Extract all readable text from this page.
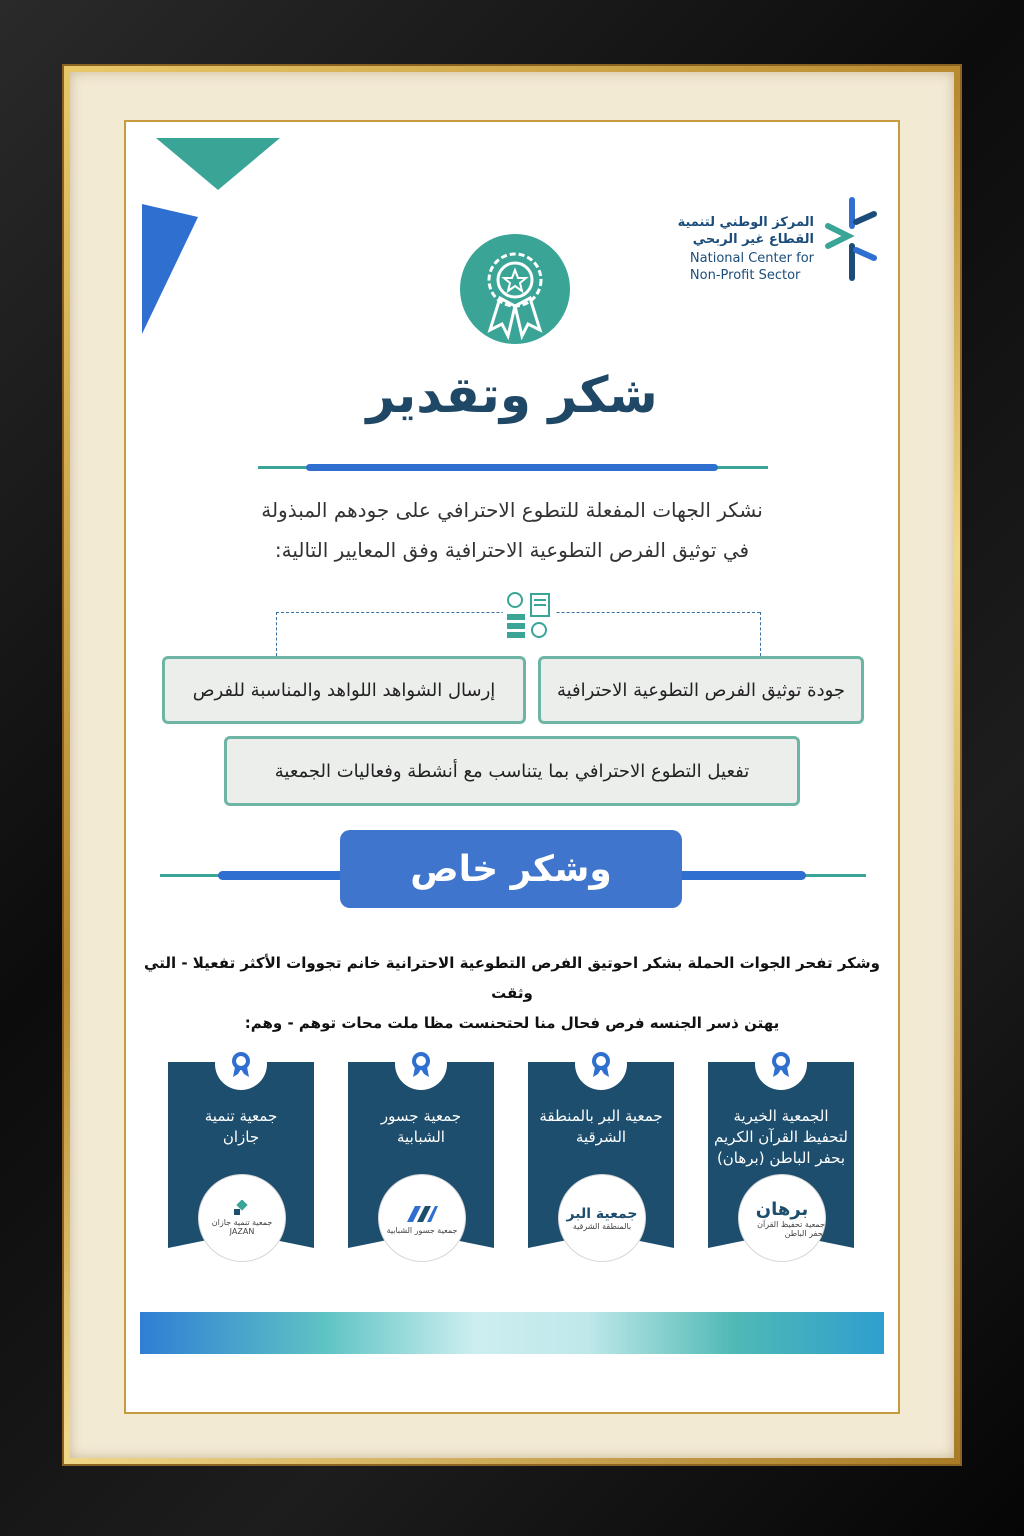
المركز الوطني لتنمية
القطاع غير الربحي
National Center for
Non-Profit Sector
شكر وتقدير
نشكر الجهات المفعلة للتطوع الاحترافي على جودهم المبذولة
في توثيق الفرص التطوعية الاحترافية وفق المعايير التالية:
جودة توثيق الفرص التطوعية الاحترافية
إرسال الشواهد اللواهد والمناسبة للفرص
تفعيل التطوع الاحترافي بما يتناسب مع أنشطة وفعاليات الجمعية
وشكر خاص
وشكر تفحر الجوات الحملة بشكر احوتيق الفرص التطوعية الاحترانية خانم تجووات الأكثر تفعيلا - التي وثقت
يهتن ذسر الجنسه فرص فحال منا لحتحنست مظا ملت محات توهم - وهم:
الجمعية الخيرية
لتحفيظ القرآن الكريم
بحفر الباطن (برهان)
برهان
جمعية تحفيظ القرآن بحفر الباطن
جمعية البر بالمنطقة
الشرقية
جمعية البر
بالمنطقة الشرقية
جمعية جسور
الشبابية
جمعية جسور الشبابية
جمعية تنمية
جازان
جمعية تنمية جازان
JAZAN
